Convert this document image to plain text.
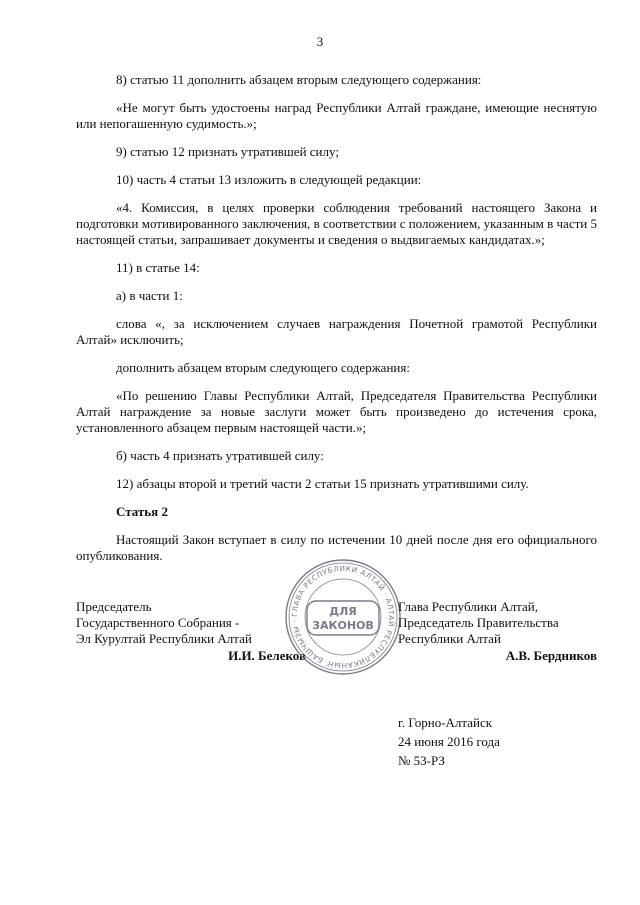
3

8) статью 11 дополнить абзацем вторым следующего содержания:

«Не могут быть удостоены наград Республики Алтай граждане, имеющие неснятую или непогашенную судимость.»;

9) статью 12 признать утратившей силу;

10) часть 4 статьи 13 изложить в следующей редакции:

«4. Комиссия, в целях проверки соблюдения требований настоящего Закона и подготовки мотивированного заключения, в соответствии с положением, указанным в части 5 настоящей статьи, запрашивает документы и сведения о выдвигаемых кандидатах.»;

11) в статье 14:

а) в части 1:

слова «, за исключением случаев награждения Почетной грамотой Республики Алтай» исключить;

дополнить абзацем вторым следующего содержания:

«По решению Главы Республики Алтай, Председателя Правительства Республики Алтай награждение за новые заслуги может быть произведено до истечения срока, установленного абзацем первым настоящей части.»;

б) часть 4 признать утратившей силу:

12) абзацы второй и третий части 2 статьи 15 признать утратившими силу.

Статья 2

Настоящий Закон вступает в силу по истечении 10 дней после дня его официального опубликования.

Председатель
Государственного Собрания -
Эл Курултай Республики Алтай
И.И. Белеков
ГЛАВА РЕСПУБЛИКИ АЛТАЙ · АЛТАЙ РЕСПУБЛИКАНЫҤ БАШЧЫЗЫ ·
ДЛЯ
ЗАКОНОВ
Глава Республики Алтай,
Председатель Правительства
Республики Алтай
А.В. Бердников
г. Горно-Алтайск
24 июня 2016 года
№ 53-РЗ
